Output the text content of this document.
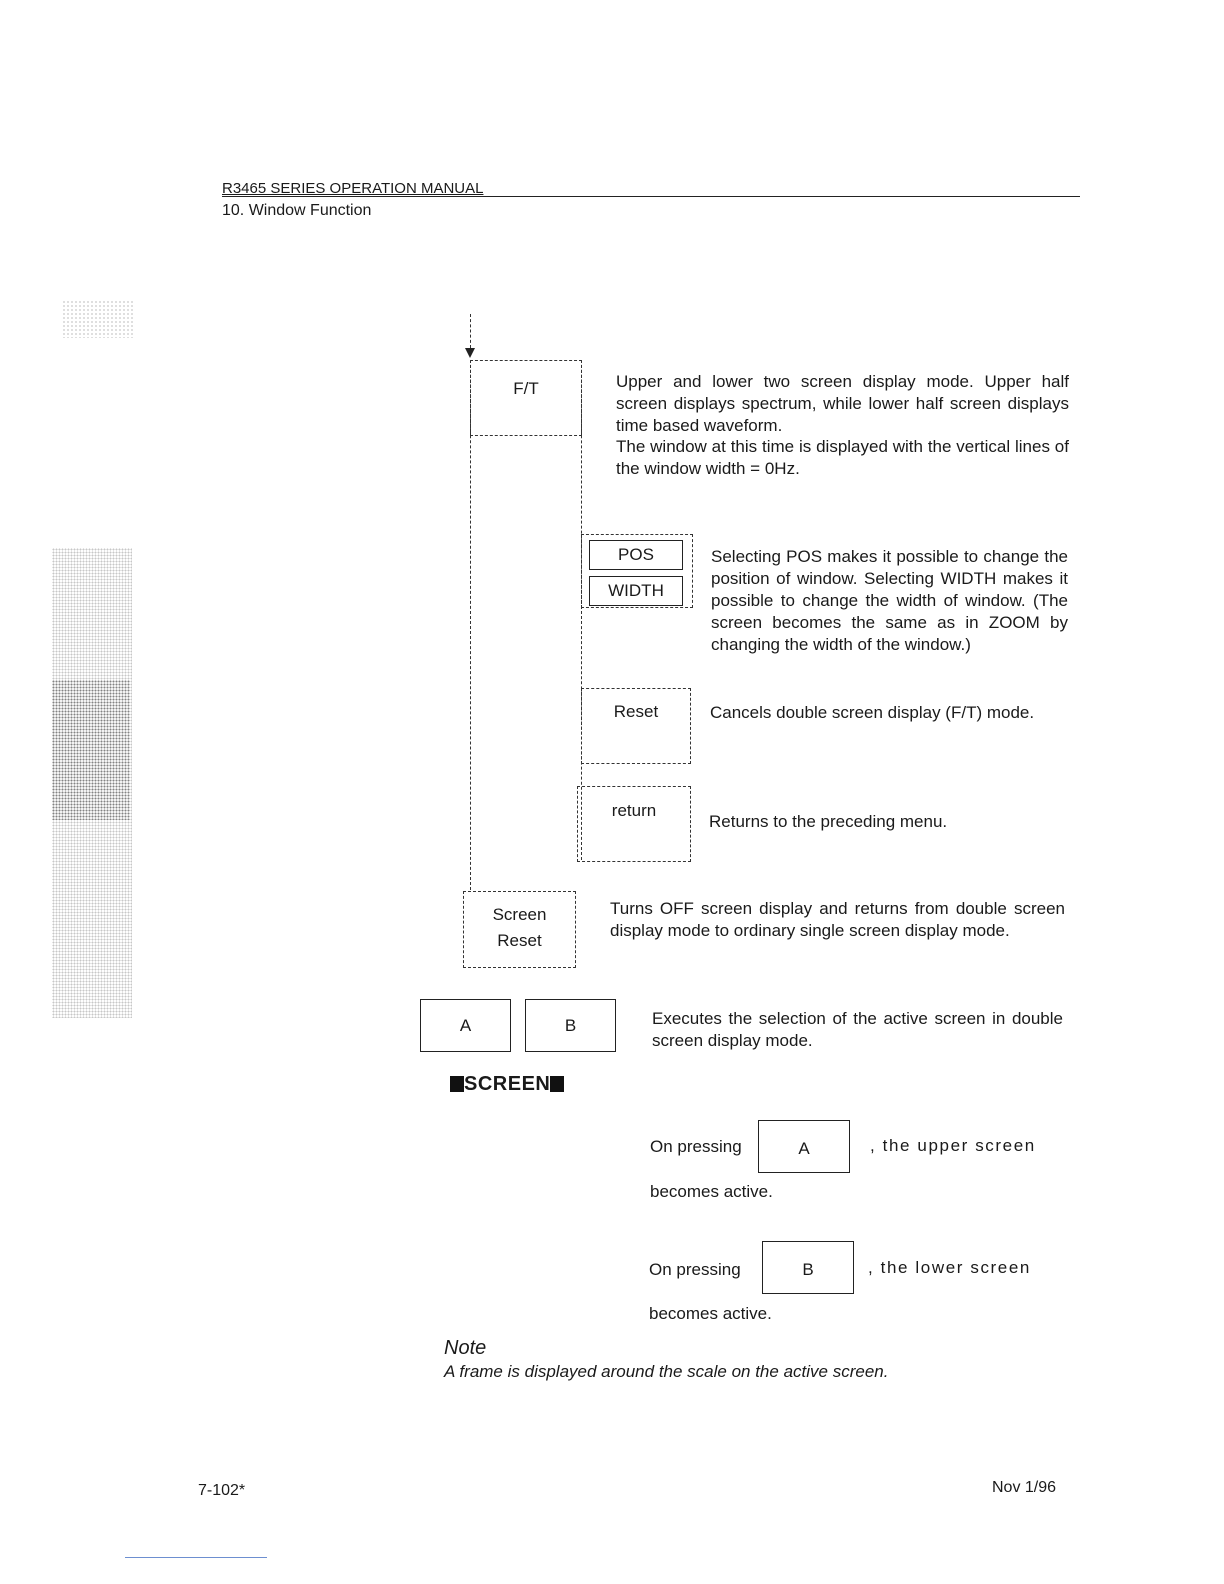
R3465 SERIES OPERATION MANUAL
10. Window Function
F/T	Upper and lower two screen display mode. Upper half screen displays spectrum, while lower half screen displays time based waveform.
The window at this time is displayed with the vertical lines of the window width = 0Hz.
POS
WIDTH
Selecting POS makes it possible to change the position of window. Selecting WIDTH makes it possible to change the width of window. (The screen becomes the same as in ZOOM by changing the width of the window.)
Reset	Cancels double screen display (F/T) mode.
return
Returns to the preceding menu.
Screen
Reset
Turns OFF screen display and returns from double screen display mode to ordinary single screen display mode.
A	B	Executes the selection of the active screen in double screen display mode.
SCREEN
On pressing	A	, the upper screen
becomes active.
On pressing	B	, the lower screen
becomes active.
Note
A frame is displayed around the scale on the active screen.
7-102*	Nov 1/96
